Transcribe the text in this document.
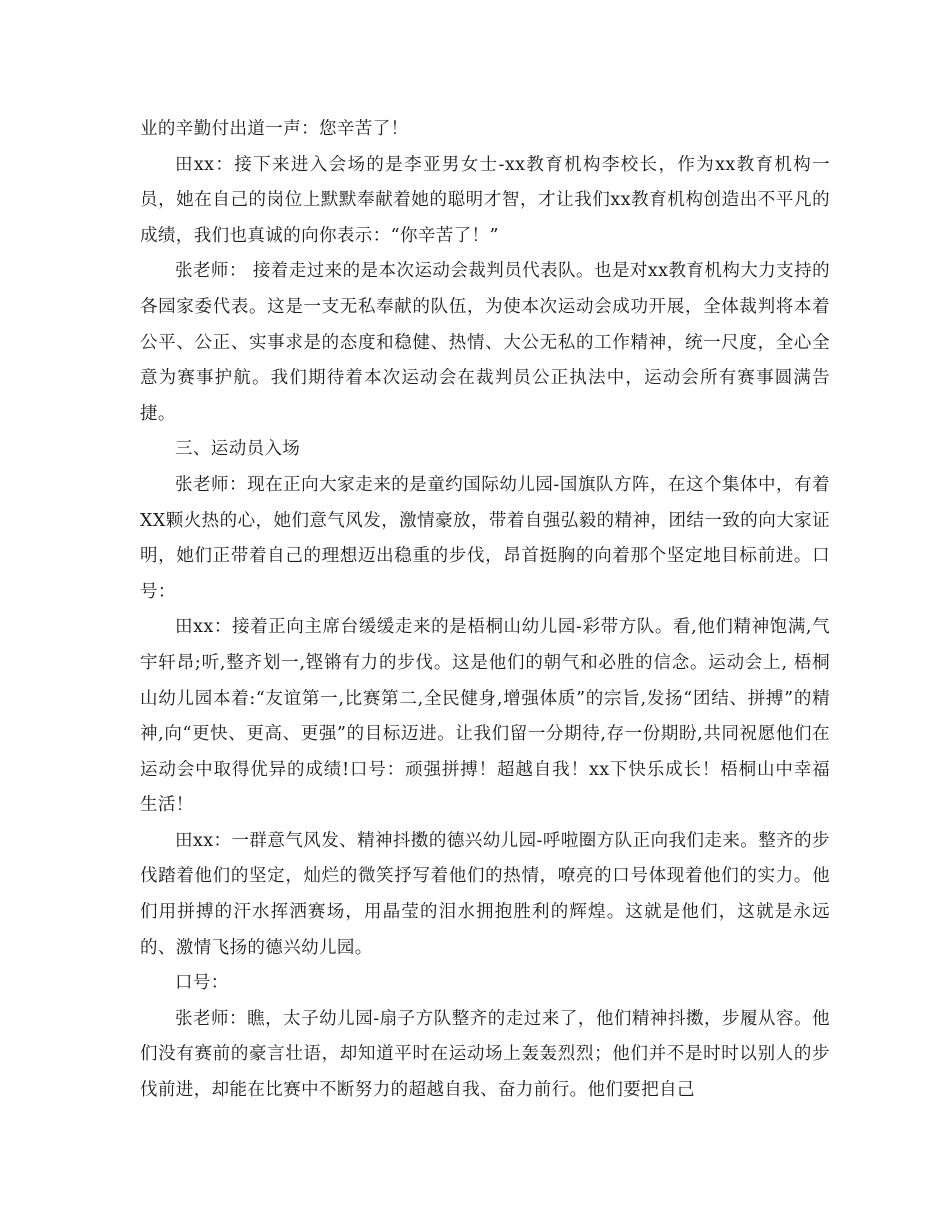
业的辛勤付出道一声：您辛苦了！

田xx：接下来进入会场的是李亚男女士-xx教育机构李校长，作为xx教育机构一员，她在自己的岗位上默默奉献着她的聪明才智，才让我们xx教育机构创造出不平凡的成绩，我们也真诚的向你表示：“你辛苦了！”

张老师： 接着走过来的是本次运动会裁判员代表队。也是对xx教育机构大力支持的各园家委代表。这是一支无私奉献的队伍，为使本次运动会成功开展，全体裁判将本着公平、公正、实事求是的态度和稳健、热情、大公无私的工作精神，统一尺度，全心全意为赛事护航。我们期待着本次运动会在裁判员公正执法中，运动会所有赛事圆满告捷。

三、运动员入场

张老师：现在正向大家走来的是童约国际幼儿园-国旗队方阵，在这个集体中，有着XX颗火热的心，她们意气风发，激情豪放，带着自强弘毅的精神，团结一致的向大家证明，她们正带着自己的理想迈出稳重的步伐，昂首挺胸的向着那个坚定地目标前进。口号：

田xx：接着正向主席台缓缓走来的是梧桐山幼儿园-彩带方队。看,他们精神饱满,气宇轩昂;听,整齐划一,铿锵有力的步伐。这是他们的朝气和必胜的信念。运动会上, 梧桐山幼儿园本着:“友谊第一,比赛第二,全民健身,增强体质”的宗旨,发扬“团结、拼搏”的精神,向“更快、更高、更强”的目标迈进。让我们留一分期待,存一份期盼,共同祝愿他们在运动会中取得优异的成绩!口号：顽强拼搏！超越自我！xx下快乐成长！梧桐山中幸福生活！

田xx：一群意气风发、精神抖擞的德兴幼儿园-呼啦圈方队正向我们走来。整齐的步伐踏着他们的坚定，灿烂的微笑抒写着他们的热情，嘹亮的口号体现着他们的实力。他们用拼搏的汗水挥洒赛场，用晶莹的泪水拥抱胜利的辉煌。这就是他们，这就是永远的、激情飞扬的德兴幼儿园。

口号：

张老师：瞧，太子幼儿园-扇子方队整齐的走过来了，他们精神抖擞，步履从容。他们没有赛前的豪言壮语，却知道平时在运动场上轰轰烈烈；他们并不是时时以别人的步伐前进，却能在比赛中不断努力的超越自我、奋力前行。他们要把自己
